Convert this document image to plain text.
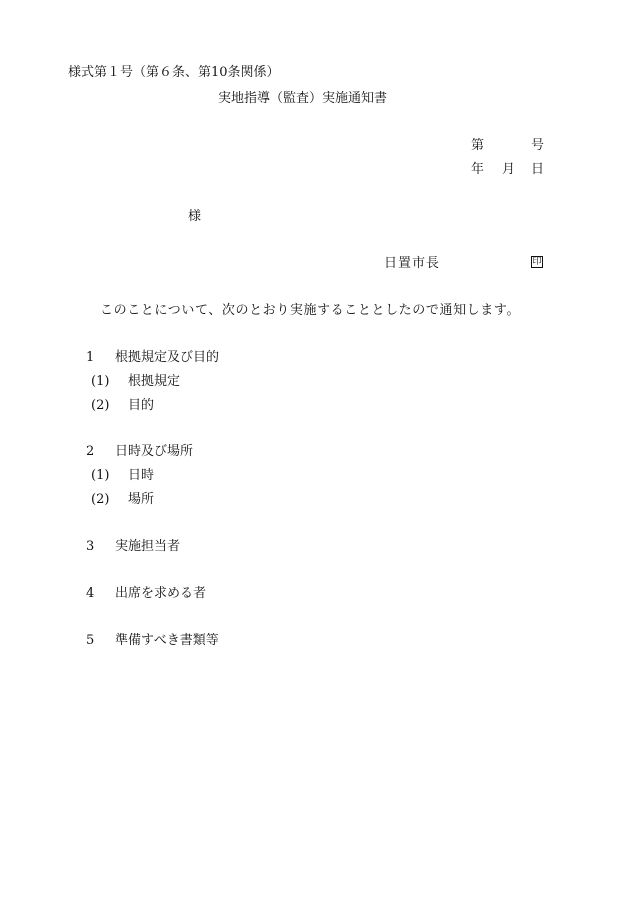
様式第１号（第６条、第10条関係）
実地指導（監査）実施通知書
第	号
年 月 日
様
日置市長	印
このことについて、次のとおり実施することとしたので通知します。
1 根拠規定及び目的
(1) 根拠規定
(2) 目的
2 日時及び場所
(1) 日時
(2) 場所
3 実施担当者
4 出席を求める者
5 準備すべき書類等
